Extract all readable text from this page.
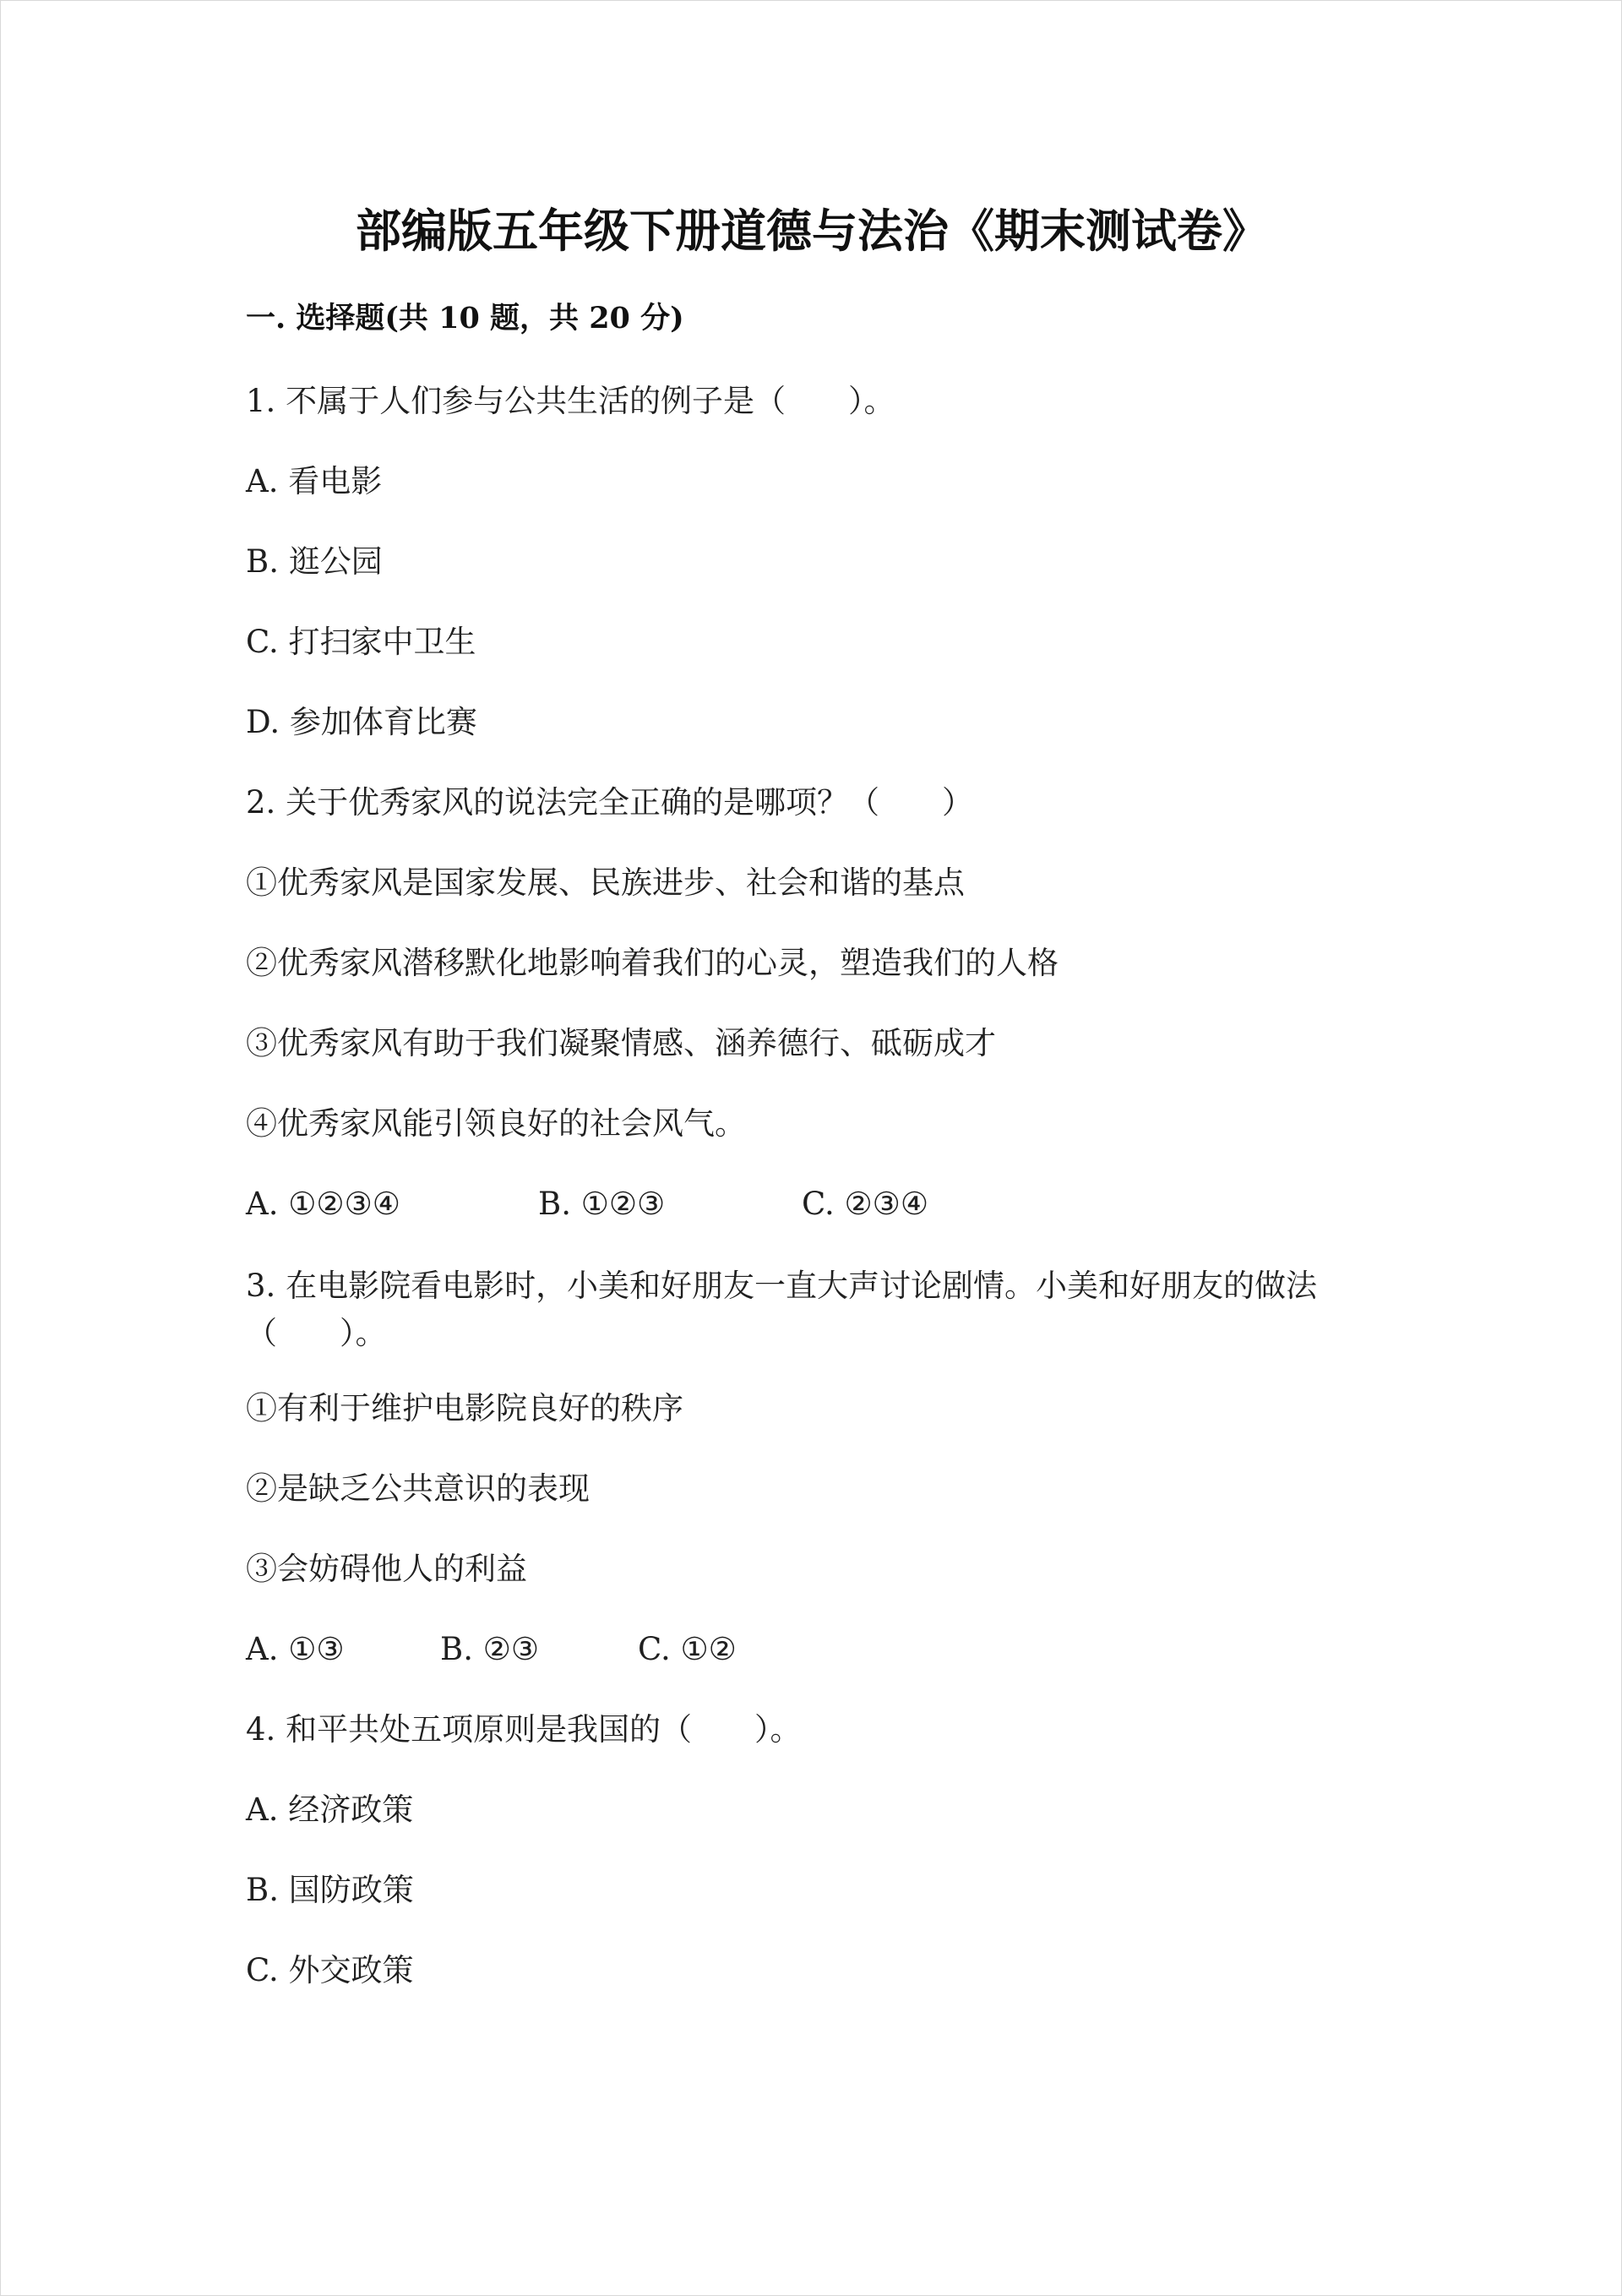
部编版五年级下册道德与法治《期末测试卷》
一. 选择题(共 10 题，共 20 分)
1. 不属于人们参与公共生活的例子是（　　）。
A. 看电影
B. 逛公园
C. 打扫家中卫生
D. 参加体育比赛
2. 关于优秀家风的说法完全正确的是哪项？（　　）
①优秀家风是国家发展、民族进步、社会和谐的基点
②优秀家风潜移默化地影响着我们的心灵，塑造我们的人格
③优秀家风有助于我们凝聚情感、涵养德行、砥砺成才
④优秀家风能引领良好的社会风气。
A. ①②③④	B. ①②③	C. ②③④
3. 在电影院看电影时，小美和好朋友一直大声讨论剧情。小美和好朋友的做法（　　）。
①有利于维护电影院良好的秩序
②是缺乏公共意识的表现
③会妨碍他人的利益
A. ①③	B. ②③	C. ①②
4. 和平共处五项原则是我国的（　　）。
A. 经济政策
B. 国防政策
C. 外交政策
